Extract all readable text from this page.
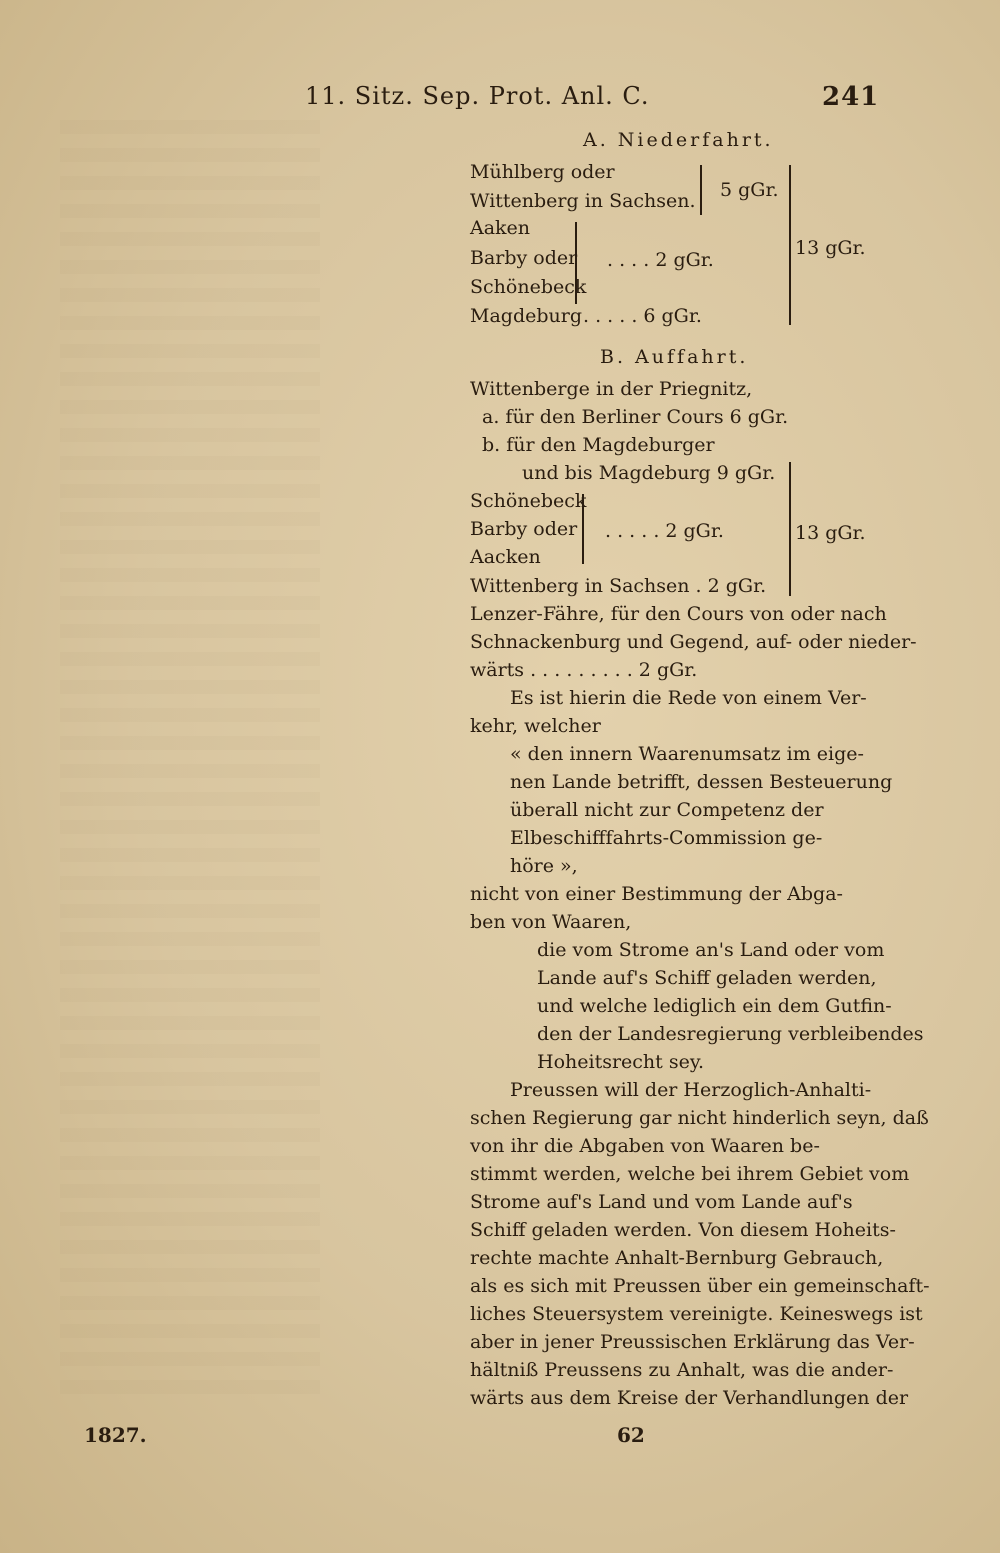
11. Sitz. Sep. Prot. Anl. C.	241
A. Niederfahrt.
Mühlberg oder
Wittenberg in Sachsen.
Aaken
Barby oder
Schönebeck
Magdeburg
5 gGr.
. . . . 2 gGr.
. . . . . 6 gGr.
13 gGr.
B. Auffahrt.
Wittenberge in der Priegnitz,
a. für den Berliner Cours 6 gGr.
b. für den Magdeburger
und bis Magdeburg 9 gGr.
Schönebeck
Barby oder
Aacken
. . . . . 2 gGr.
Wittenberg in Sachsen . 2 gGr.
13 gGr.
Lenzer-Fähre, für den Cours von oder nach
Schnackenburg und Gegend, auf- oder nieder-
wärts . . . . . . . . . 2 gGr.
Es ist hierin die Rede von einem Ver-
kehr, welcher
« den innern Waarenumsatz im eige-
nen Lande betrifft, dessen Besteuerung
überall nicht zur Competenz der
Elbeschifffahrts-Commission ge-
höre »,
nicht von einer Bestimmung der Abga-
ben von Waaren,
die vom Strome an's Land oder vom
Lande auf's Schiff geladen werden,
und welche lediglich ein dem Gutfin-
den der Landesregierung verbleibendes
Hoheitsrecht sey.
Preussen will der Herzoglich-Anhalti-
schen Regierung gar nicht hinderlich seyn, daß
von ihr die Abgaben von Waaren be-
stimmt werden, welche bei ihrem Gebiet vom
Strome auf's Land und vom Lande auf's
Schiff geladen werden. Von diesem Hoheits-
rechte machte Anhalt-Bernburg Gebrauch,
als es sich mit Preussen über ein gemeinschaft-
liches Steuersystem vereinigte. Keineswegs ist
aber in jener Preussischen Erklärung das Ver-
hältniß Preussens zu Anhalt, was die ander-
wärts aus dem Kreise der Verhandlungen der
1827.	62
